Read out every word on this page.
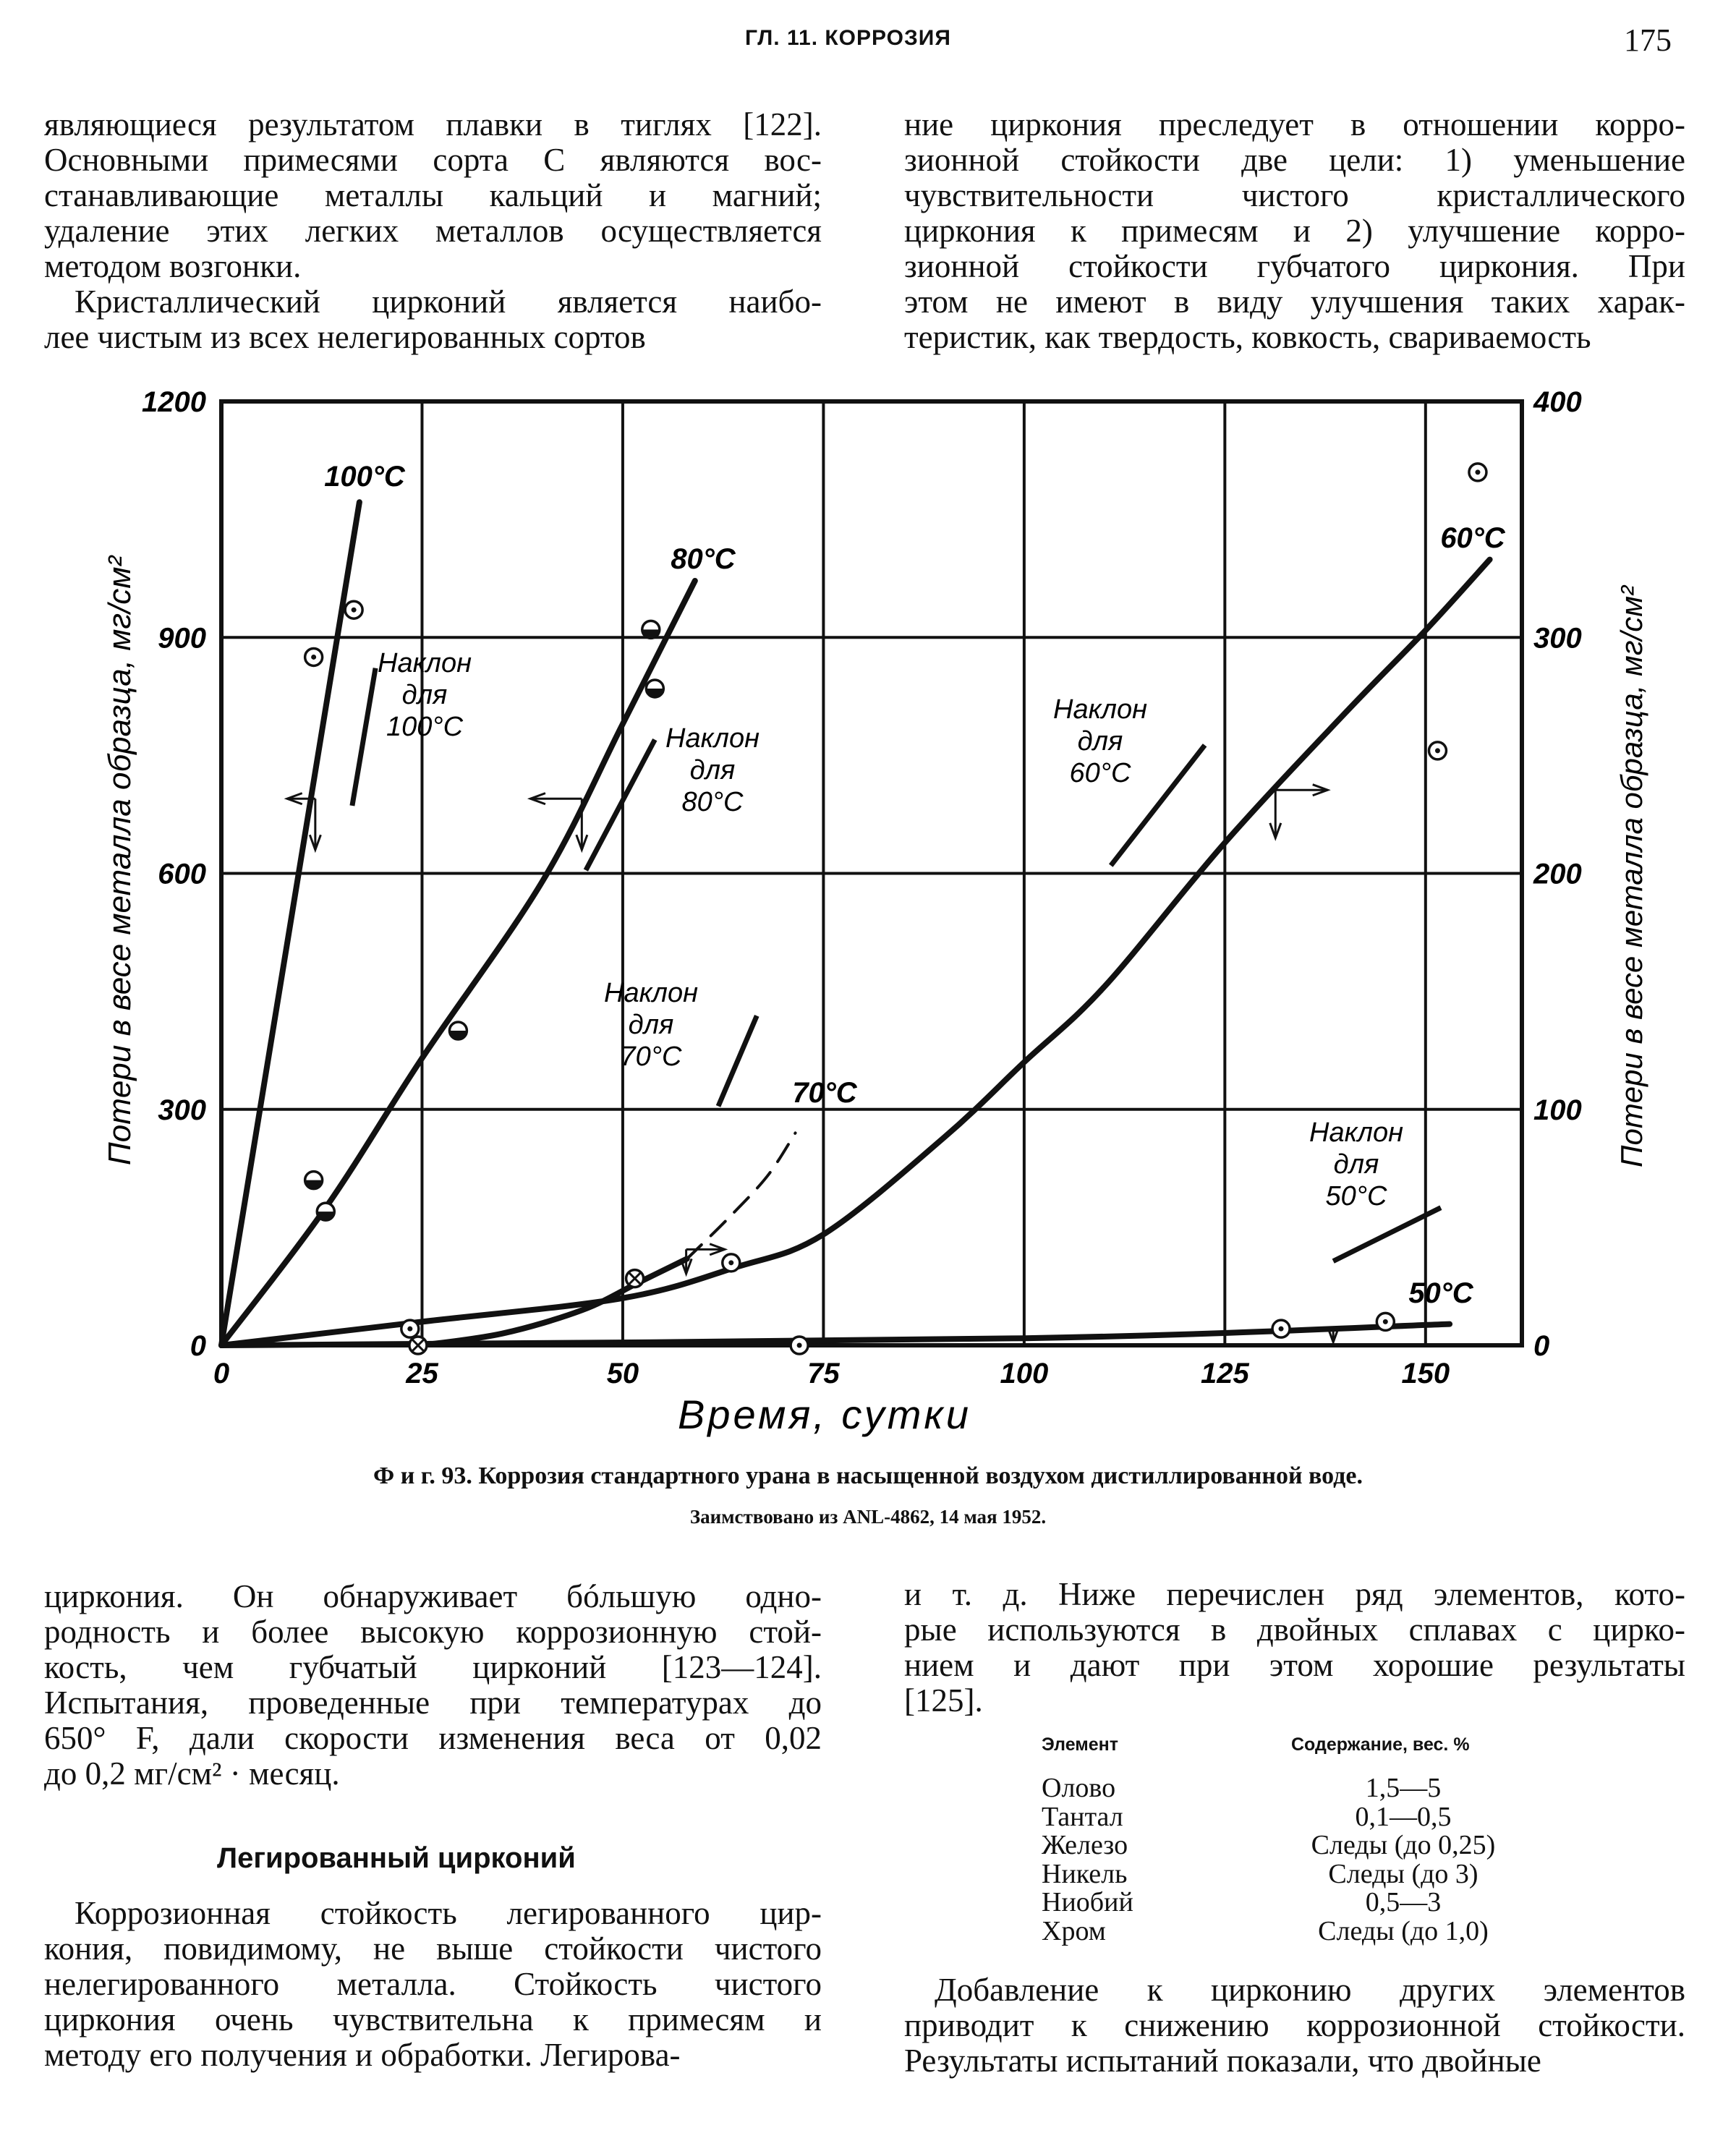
ГЛ. 11. КОРРОЗИЯ	175
являющиеся результатом плавки в тиглях [122].
Основными примесями сорта С являются вос-
станавливающие металлы кальций и магний;
удаление этих легких металлов осуществляется
методом возгонки.
Кристаллический цирконий является наибо-
лее чистым из всех нелегированных сортов
ние циркония преследует в отношении корро-
зионной стойкости две цели: 1) уменьшение
чувствительности чистого кристаллического
циркония к примесям и 2) улучшение корро-
зионной стойкости губчатого циркония. При
этом не имеют в виду улучшения таких харак-
теристик, как твердость, ковкость, свариваемость
0	25	50	75	100	125	150
0
300
600
900
1200
0
100
200
300
400
Время, сутки
Потери в весе металла образца, мг/см²	Потери в весе металла образца, мг/см²
100°C
80°C
70°C
60°C
50°C
Наклон
для
100°C	Наклон
для
80°C
Наклон
для
70°C
Наклон
для
60°C
Наклон
для
50°C
Ф и г. 93. Коррозия стандартного урана в насыщенной воздухом дистиллированной воде.
Заимствовано из ANL-4862, 14 мая 1952.
циркония. Он обнаруживает бóльшую одно-
родность и более высокую коррозионную стой-
кость, чем губчатый цирконий [123—124].
Испытания, проведенные при температурах до
650° F, дали скорости изменения веса от 0,02
до 0,2 мг/см² · месяц.
Легированный цирконий
Коррозионная стойкость легированного цир-
кония, повидимому, не выше стойкости чистого
нелегированного металла. Стойкость чистого
циркония очень чувствительна к примесям и
методу его получения и обработки. Легирова-
и т. д. Ниже перечислен ряд элементов, кото-
рые используются в двойных сплавах с цирко-
нием и дают при этом хорошие результаты
[125].
Элемент	Содержание, вес. %
Олово	1,5—5
Тантал	0,1—0,5
Железо	Следы (до 0,25)
Никель	Следы (до 3)
Ниобий	0,5—3
Хром	Следы (до 1,0)
Добавление к цирконию других элементов
приводит к снижению коррозионной стойкости.
Результаты испытаний показали, что двойные
